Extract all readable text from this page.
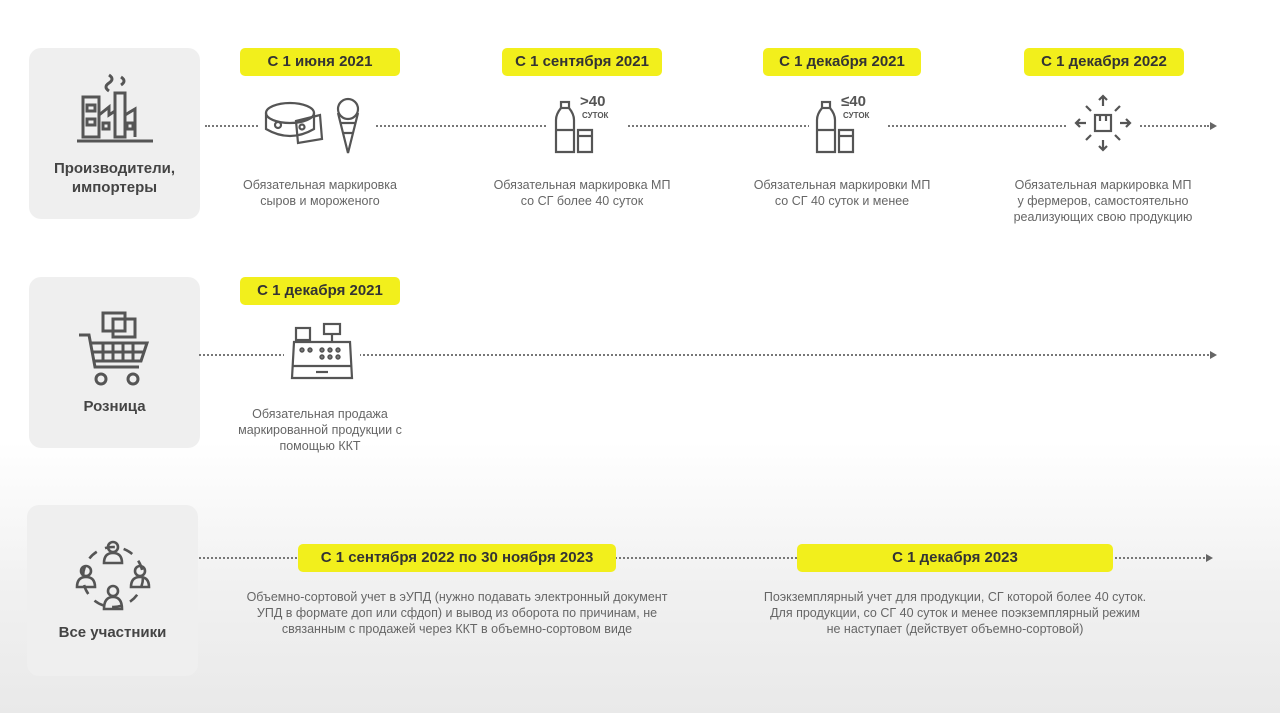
Производители,
импортеры
С 1 июня 2021
Обязательная маркировка
сыров и мороженого
С 1 сентября 2021
>40
СУТОК
Обязательная маркировка МП
со СГ более 40 суток
С 1 декабря 2021
≤40
СУТОК
Обязательная маркировки МП
со СГ 40 суток и менее
С 1 декабря 2022
Обязательная маркировка МП
у фермеров, самостоятельно
реализующих свою продукцию
Розница
С 1 декабря 2021
Обязательная продажа
маркированной продукции с
помощью ККТ
Все участники
С 1 сентября 2022 по 30 ноября 2023
Объемно-сортовой учет в эУПД (нужно подавать электронный документ
УПД в формате доп или сфдоп) и вывод из оборота по причинам, не
связанным с продажей через ККТ в объемно-сортовом виде
С 1 декабря 2023
Поэкземплярный учет для продукции, СГ которой более 40 суток.
Для продукции, со СГ 40 суток и менее поэкземплярный режим
не наступает (действует объемно-сортовой)
